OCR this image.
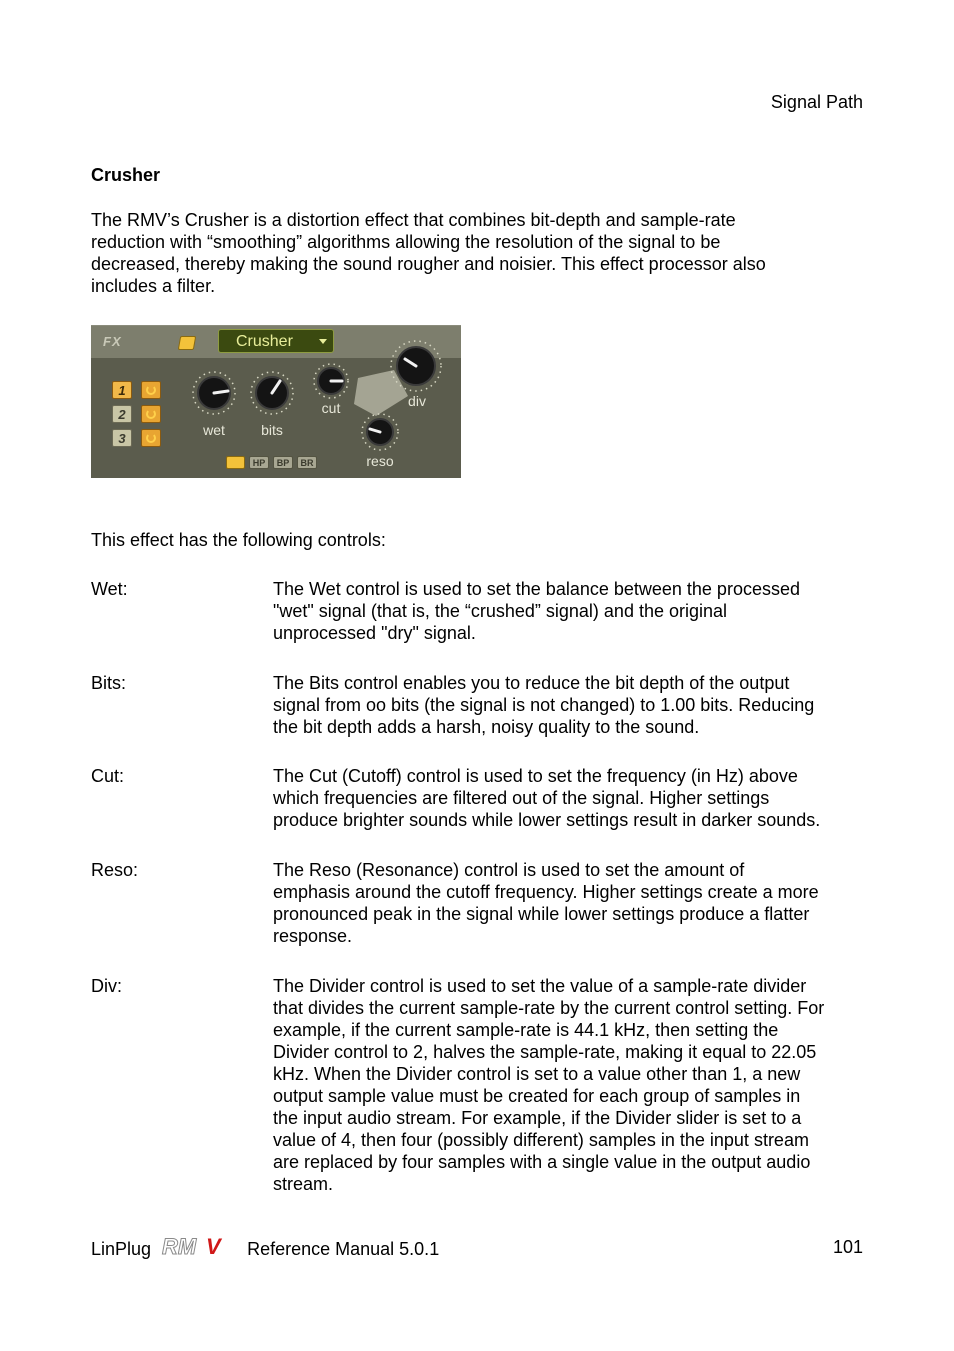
Signal Path
Crusher
The RMV’s Crusher is a distortion effect that combines bit-depth and sample-rate
reduction with “smoothing” algorithms allowing the resolution of the signal to be
decreased, thereby making the sound rougher and noisier. This effect processor also
includes a filter.
FX	Crusher
1
2
3
wet	bits
cut	div
reso
HP	BP	BR
This effect has the following controls:
Wet:	The Wet control is used to set the balance between the processed
"wet" signal (that is, the “crushed” signal) and the original
unprocessed "dry" signal.
Bits:	The Bits control enables you to reduce the bit depth of the output
signal from oo bits (the signal is not changed) to 1.00 bits. Reducing
the bit depth adds a harsh, noisy quality to the sound.
Cut:	The Cut (Cutoff) control is used to set the frequency (in Hz) above
which frequencies are filtered out of the signal. Higher settings
produce brighter sounds while lower settings result in darker sounds.
Reso:	The Reso (Resonance) control is used to set the amount of
emphasis around the cutoff frequency. Higher settings create a more
pronounced peak in the signal while lower settings produce a flatter
response.
Div:	The Divider control is used to set the value of a sample-rate divider
that divides the current sample-rate by the current control setting. For
example, if the current sample-rate is 44.1 kHz, then setting the
Divider control to 2, halves the sample-rate, making it equal to 22.05
kHz. When the Divider control is set to a value other than 1, a new
output sample value must be created for each group of samples in
the input audio stream. For example, if the Divider slider is set to a
value of 4, then four (possibly different) samples in the input stream
are replaced by four samples with a single value in the output audio
stream.
LinPlug RM V Reference Manual 5.0.1	101
